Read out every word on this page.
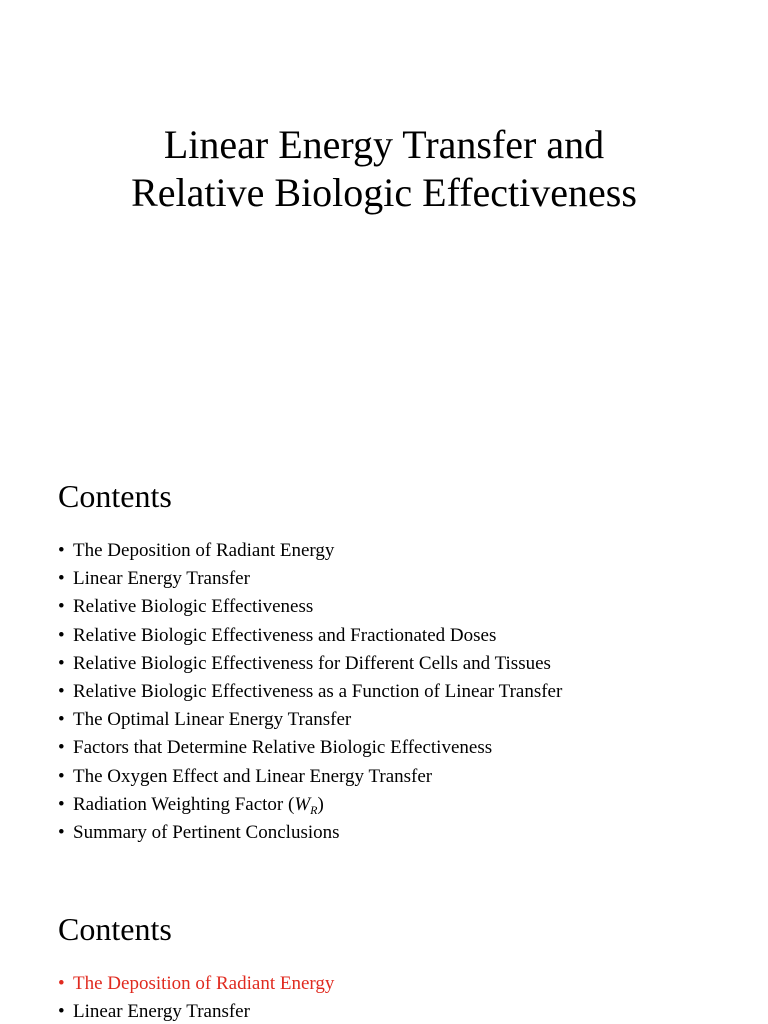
Linear Energy Transfer and
Relative Biologic Effectiveness
Contents
• The Deposition of Radiant Energy
• Linear Energy Transfer
• Relative Biologic Effectiveness
• Relative Biologic Effectiveness and Fractionated Doses
• Relative Biologic Effectiveness for Different Cells and Tissues
• Relative Biologic Effectiveness as a Function of Linear Transfer
• The Optimal Linear Energy Transfer
• Factors that Determine Relative Biologic Effectiveness
• The Oxygen Effect and Linear Energy Transfer
• Radiation Weighting Factor $(W_R)$
• Summary of Pertinent Conclusions
Contents
• The Deposition of Radiant Energy
• Linear Energy Transfer
